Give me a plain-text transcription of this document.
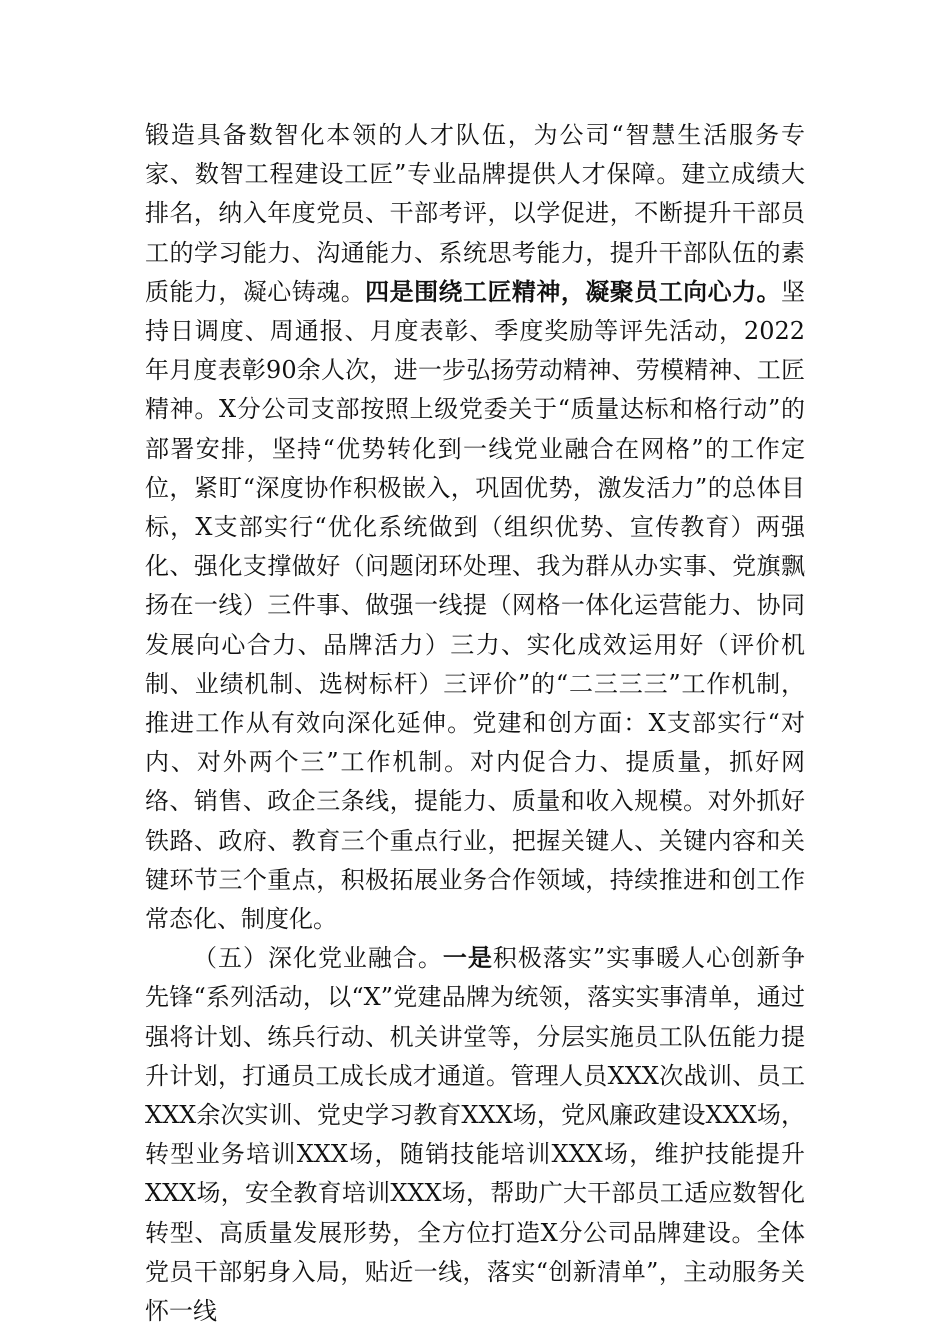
锻造具备数智化本领的人才队伍，为公司“智慧生活服务专家、数智工程建设工匠”专业品牌提供人才保障。建立成绩大排名，纳入年度党员、干部考评，以学促进，不断提升干部员工的学习能力、沟通能力、系统思考能力，提升干部队伍的素质能力，凝心铸魂。四是围绕工匠精神，凝聚员工向心力。坚持日调度、周通报、月度表彰、季度奖励等评先活动，2022年月度表彰90余人次，进一步弘扬劳动精神、劳模精神、工匠精神。X分公司支部按照上级党委关于“质量达标和格行动”的部署安排，坚持“优势转化到一线党业融合在网格”的工作定位，紧盯“深度协作积极嵌入，巩固优势，激发活力”的总体目标，X支部实行“优化系统做到（组织优势、宣传教育）两强化、强化支撑做好（问题闭环处理、我为群从办实事、党旗飘扬在一线）三件事、做强一线提（网格一体化运营能力、协同发展向心合力、品牌活力）三力、实化成效运用好（评价机制、业绩机制、选树标杆）三评价”的“二三三三”工作机制，推进工作从有效向深化延伸。党建和创方面：X支部实行“对内、对外两个三”工作机制。对内促合力、提质量，抓好网络、销售、政企三条线，提能力、质量和收入规模。对外抓好铁路、政府、教育三个重点行业，把握关键人、关键内容和关键环节三个重点，积极拓展业务合作领域，持续推进和创工作常态化、制度化。

（五）深化党业融合。一是积极落实”实事暖人心创新争先锋“系列活动，以“X”党建品牌为统领，落实实事清单，通过强将计划、练兵行动、机关讲堂等，分层实施员工队伍能力提升计划，打通员工成长成才通道。管理人员XXX次战训、员工XXX余次实训、党史学习教育XXX场，党风廉政建设XXX场，转型业务培训XXX场，随销技能培训XXX场，维护技能提升XXX场，安全教育培训XXX场，帮助广大干部员工适应数智化转型、高质量发展形势，全方位打造X分公司品牌建设。全体党员干部躬身入局，贴近一线，落实“创新清单”，主动服务关怀一线
